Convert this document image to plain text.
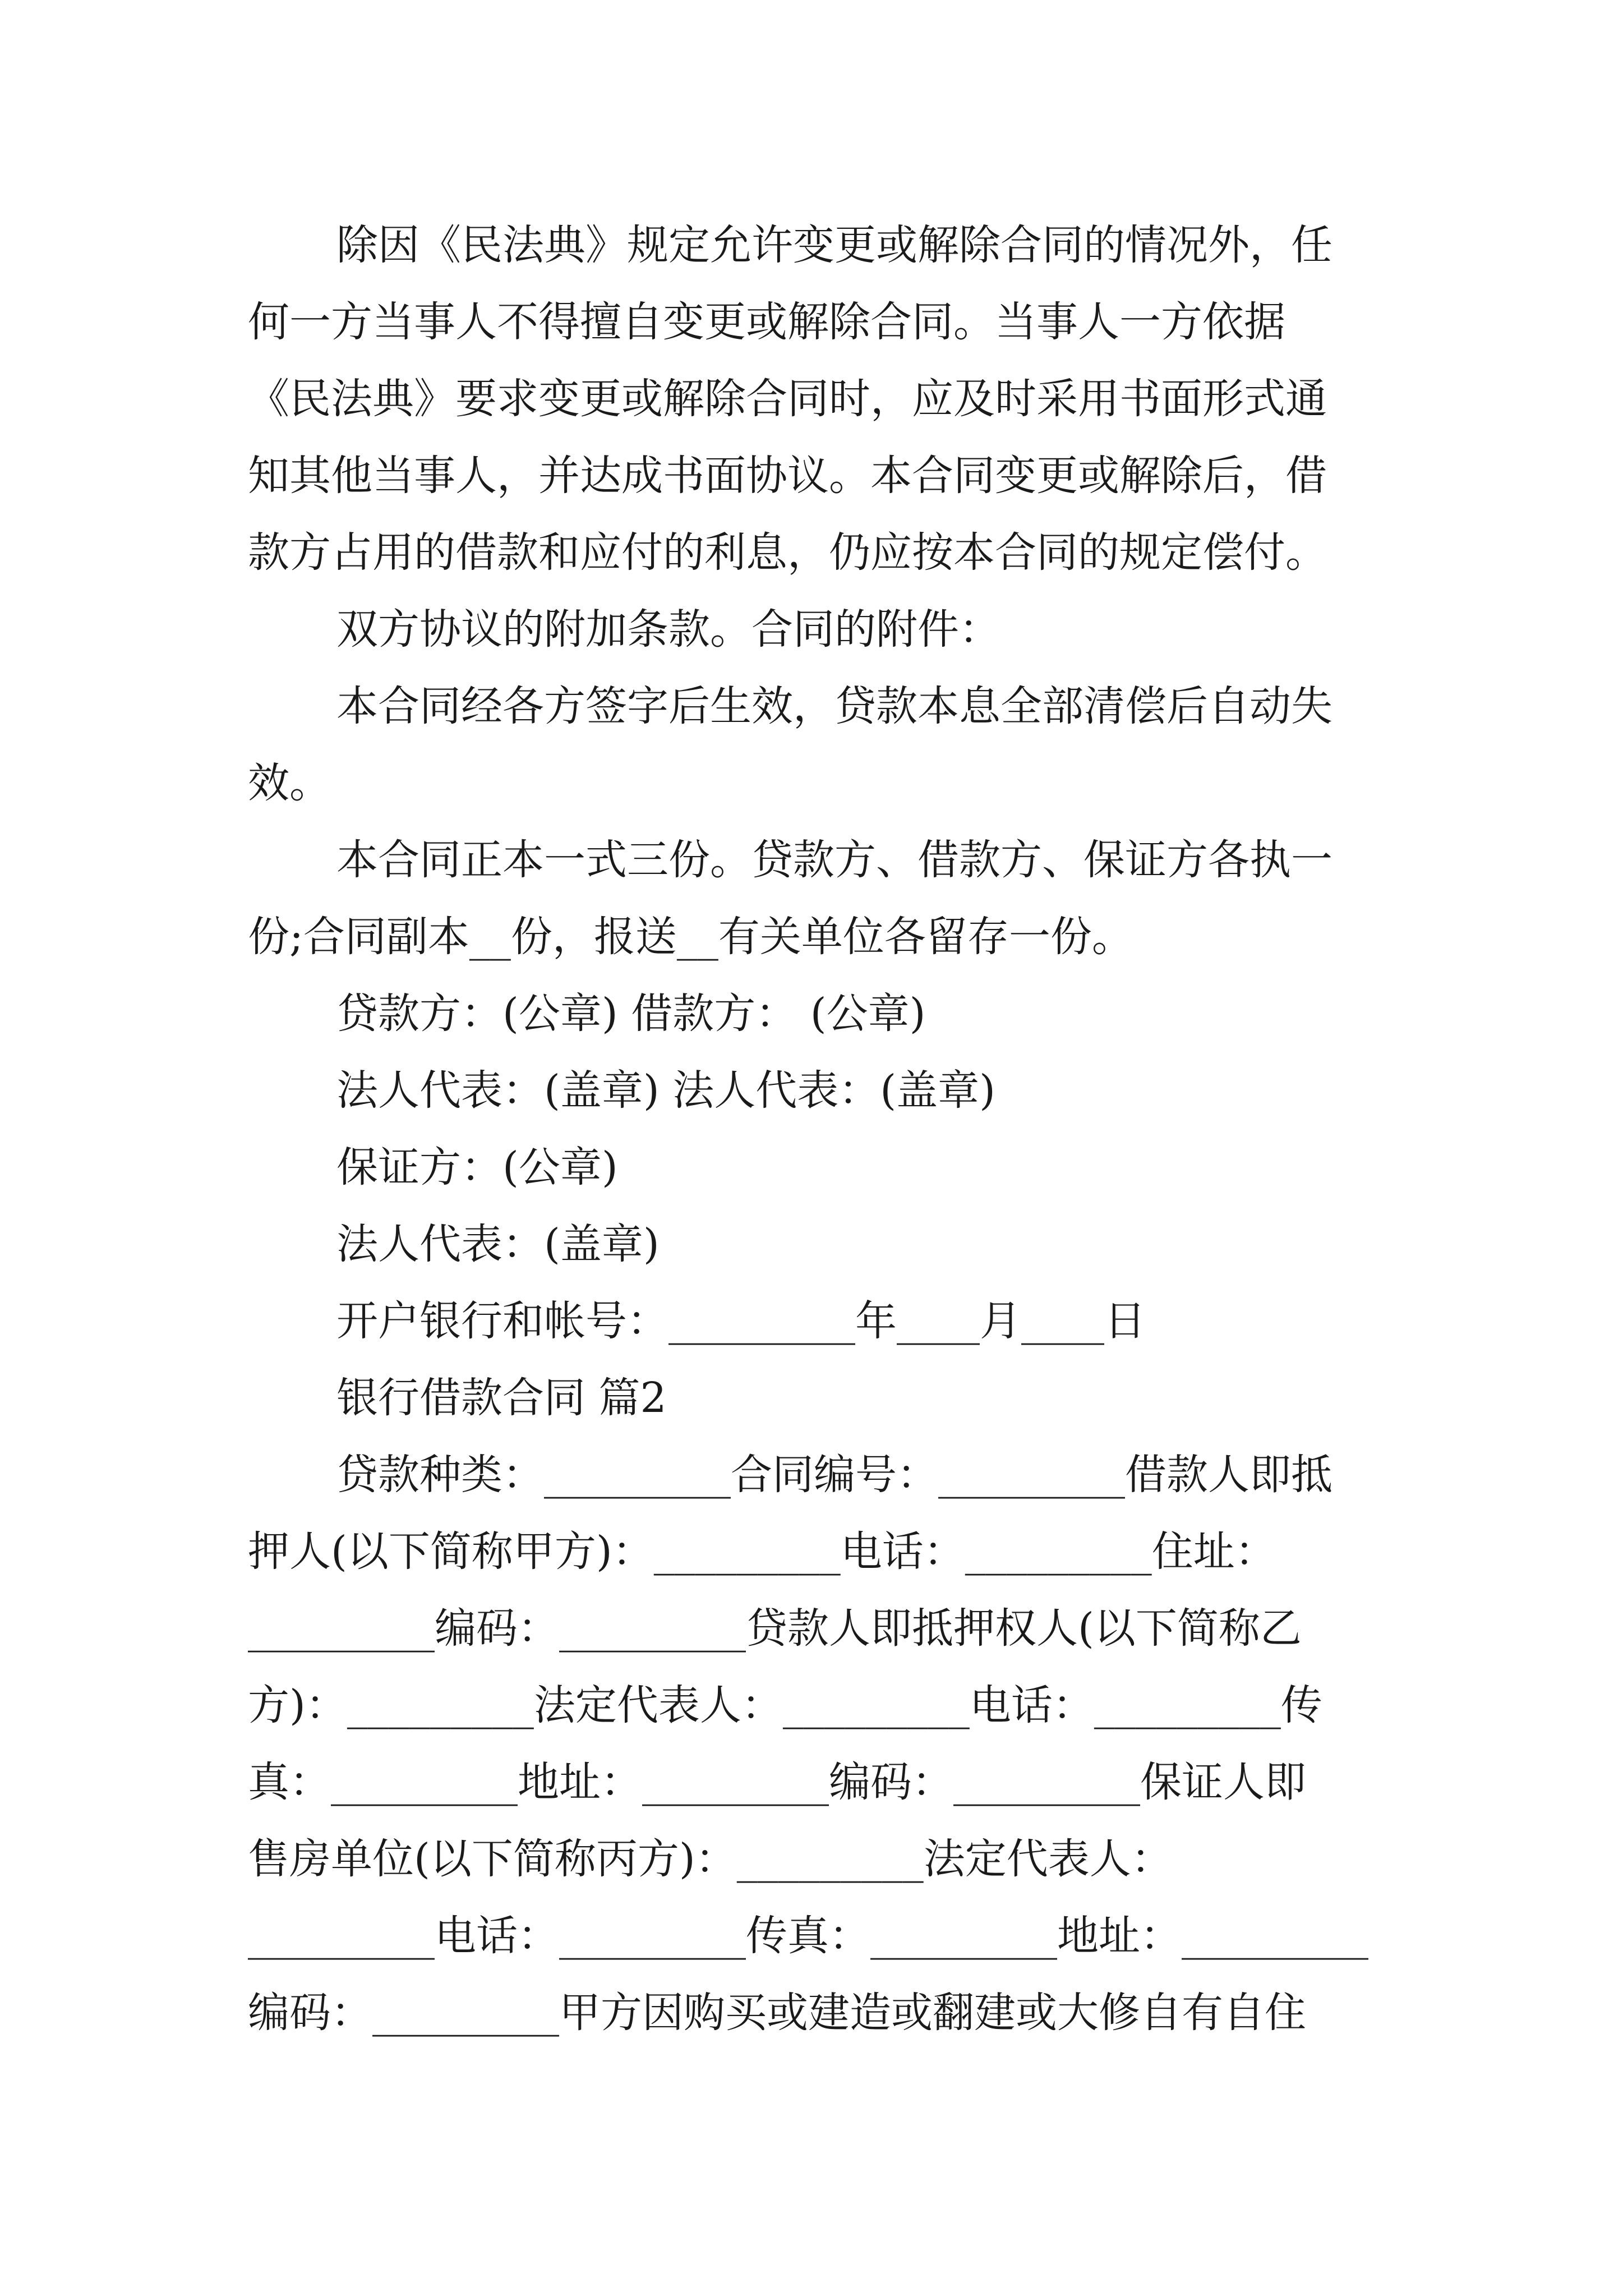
除因《民法典》规定允许变更或解除合同的情况外，任
何一方当事人不得擅自变更或解除合同。当事人一方依据
《民法典》要求变更或解除合同时，应及时采用书面形式通
知其他当事人，并达成书面协议。本合同变更或解除后，借
款方占用的借款和应付的利息，仍应按本合同的规定偿付。
双方协议的附加条款。合同的附件：
本合同经各方签字后生效，贷款本息全部清偿后自动失
效。
本合同正本一式三份。贷款方、借款方、保证方各执一
份;合同副本__份，报送__有关单位各留存一份。
贷款方：(公章) 借款方： (公章)
法人代表：(盖章) 法人代表：(盖章)
保证方：(公章)
法人代表：(盖章)
开户银行和帐号：_________年____月____日
银行借款合同 篇2
贷款种类：_________合同编号：_________借款人即抵
押人(以下简称甲方)：_________电话：_________住址：
_________编码：_________贷款人即抵押权人(以下简称乙
方)：_________法定代表人：_________电话：_________传
真：_________地址：_________编码：_________保证人即
售房单位(以下简称丙方)：_________法定代表人：
_________电话：_________传真：_________地址：_________
编码：_________甲方因购买或建造或翻建或大修自有自住
